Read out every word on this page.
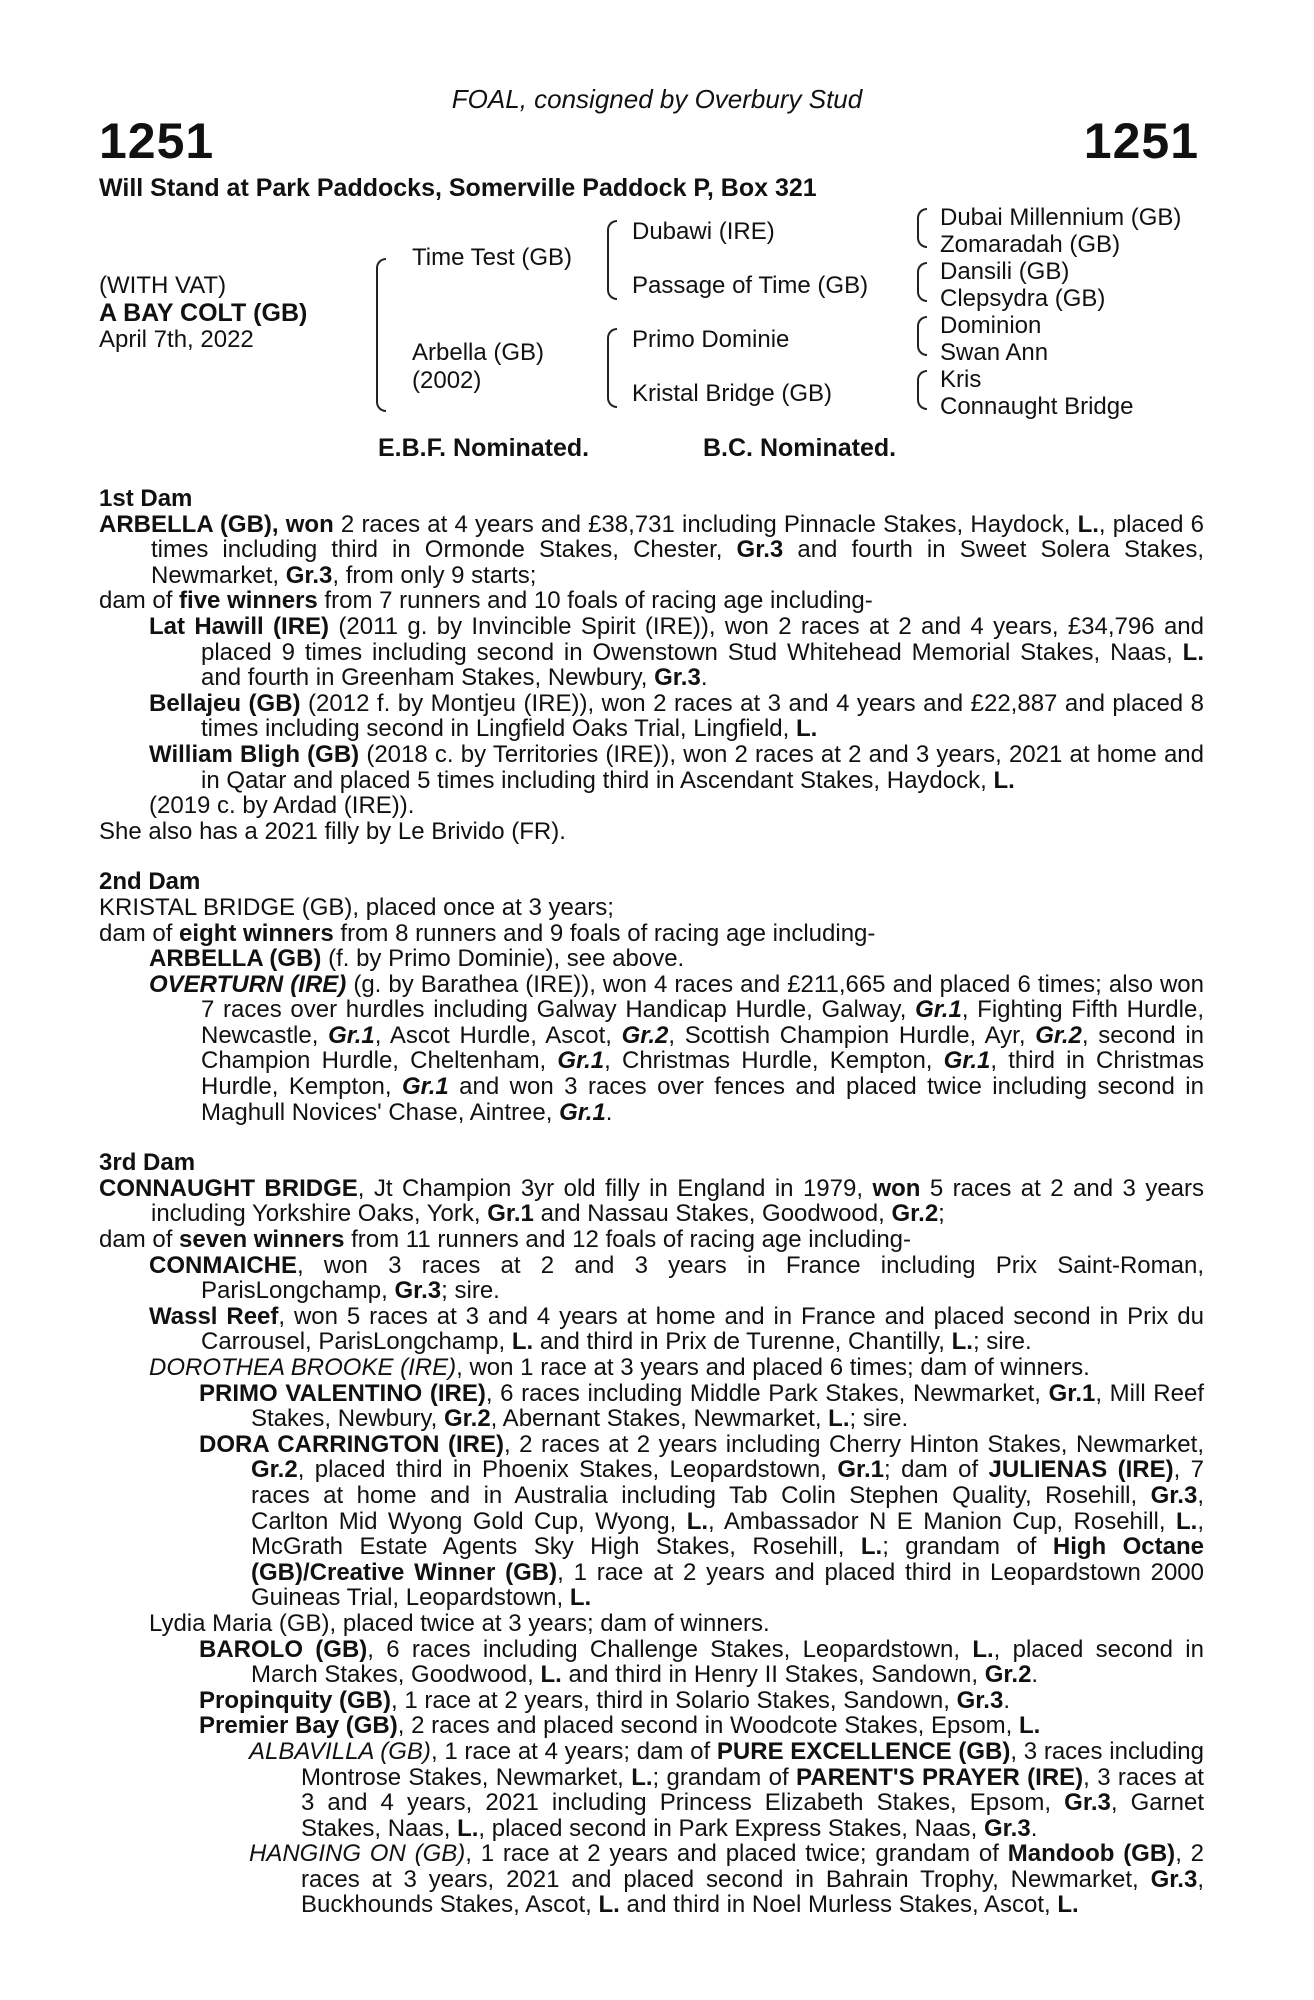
FOAL, consigned by Overbury Stud
1251	1251
Will Stand at Park Paddocks, Somerville Paddock P, Box 321
(WITH VAT)
A BAY COLT (GB)
April 7th, 2022
Time Test (GB)
Arbella (GB)
(2002)
Dubawi (IRE)
Passage of Time (GB)
Primo Dominie
Kristal Bridge (GB)
Dubai Millennium (GB)
Zomaradah (GB)
Dansili (GB)
Clepsydra (GB)
Dominion
Swan Ann
Kris
Connaught Bridge
E.B.F. Nominated.	B.C. Nominated.

1st Dam

ARBELLA (GB), won 2 races at 4 years and £38,731 including Pinnacle Stakes, Haydock, L., placed 6 times including third in Ormonde Stakes, Chester, Gr.3 and fourth in Sweet Solera Stakes, Newmarket, Gr.3, from only 9 starts;

dam of five winners from 7 runners and 10 foals of racing age including-

Lat Hawill (IRE) (2011 g. by Invincible Spirit (IRE)), won 2 races at 2 and 4 years, £34,796 and placed 9 times including second in Owenstown Stud Whitehead Memorial Stakes, Naas, L. and fourth in Greenham Stakes, Newbury, Gr.3.

Bellajeu (GB) (2012 f. by Montjeu (IRE)), won 2 races at 3 and 4 years and £22,887 and placed 8 times including second in Lingfield Oaks Trial, Lingfield, L.

William Bligh (GB) (2018 c. by Territories (IRE)), won 2 races at 2 and 3 years, 2021 at home and in Qatar and placed 5 times including third in Ascendant Stakes, Haydock, L.

(2019 c. by Ardad (IRE)).

She also has a 2021 filly by Le Brivido (FR).

2nd Dam

KRISTAL BRIDGE (GB), placed once at 3 years;

dam of eight winners from 8 runners and 9 foals of racing age including-

ARBELLA (GB) (f. by Primo Dominie), see above.

OVERTURN (IRE) (g. by Barathea (IRE)), won 4 races and £211,665 and placed 6 times; also won 7 races over hurdles including Galway Handicap Hurdle, Galway, Gr.1, Fighting Fifth Hurdle, Newcastle, Gr.1, Ascot Hurdle, Ascot, Gr.2, Scottish Champion Hurdle, Ayr, Gr.2, second in Champion Hurdle, Cheltenham, Gr.1, Christmas Hurdle, Kempton, Gr.1, third in Christmas Hurdle, Kempton, Gr.1 and won 3 races over fences and placed twice including second in Maghull Novices' Chase, Aintree, Gr.1.

3rd Dam

CONNAUGHT BRIDGE, Jt Champion 3yr old filly in England in 1979, won 5 races at 2 and 3 years including Yorkshire Oaks, York, Gr.1 and Nassau Stakes, Goodwood, Gr.2;

dam of seven winners from 11 runners and 12 foals of racing age including-

CONMAICHE, won 3 races at 2 and 3 years in France including Prix Saint-Roman, ParisLongchamp, Gr.3; sire.

Wassl Reef, won 5 races at 3 and 4 years at home and in France and placed second in Prix du Carrousel, ParisLongchamp, L. and third in Prix de Turenne, Chantilly, L.; sire.

DOROTHEA BROOKE (IRE), won 1 race at 3 years and placed 6 times; dam of winners.

PRIMO VALENTINO (IRE), 6 races including Middle Park Stakes, Newmarket, Gr.1, Mill Reef Stakes, Newbury, Gr.2, Abernant Stakes, Newmarket, L.; sire.

DORA CARRINGTON (IRE), 2 races at 2 years including Cherry Hinton Stakes, Newmarket, Gr.2, placed third in Phoenix Stakes, Leopardstown, Gr.1; dam of JULIENAS (IRE), 7 races at home and in Australia including Tab Colin Stephen Quality, Rosehill, Gr.3, Carlton Mid Wyong Gold Cup, Wyong, L., Ambassador N E Manion Cup, Rosehill, L., McGrath Estate Agents Sky High Stakes, Rosehill, L.; grandam of High Octane (GB)/Creative Winner (GB), 1 race at 2 years and placed third in Leopardstown 2000 Guineas Trial, Leopardstown, L.

Lydia Maria (GB), placed twice at 3 years; dam of winners.

BAROLO (GB), 6 races including Challenge Stakes, Leopardstown, L., placed second in March Stakes, Goodwood, L. and third in Henry II Stakes, Sandown, Gr.2.

Propinquity (GB), 1 race at 2 years, third in Solario Stakes, Sandown, Gr.3.

Premier Bay (GB), 2 races and placed second in Woodcote Stakes, Epsom, L.

ALBAVILLA (GB), 1 race at 4 years; dam of PURE EXCELLENCE (GB), 3 races including Montrose Stakes, Newmarket, L.; grandam of PARENT'S PRAYER (IRE), 3 races at 3 and 4 years, 2021 including Princess Elizabeth Stakes, Epsom, Gr.3, Garnet Stakes, Naas, L., placed second in Park Express Stakes, Naas, Gr.3.

HANGING ON (GB), 1 race at 2 years and placed twice; grandam of Mandoob (GB), 2 races at 3 years, 2021 and placed second in Bahrain Trophy, Newmarket, Gr.3, Buckhounds Stakes, Ascot, L. and third in Noel Murless Stakes, Ascot, L.
